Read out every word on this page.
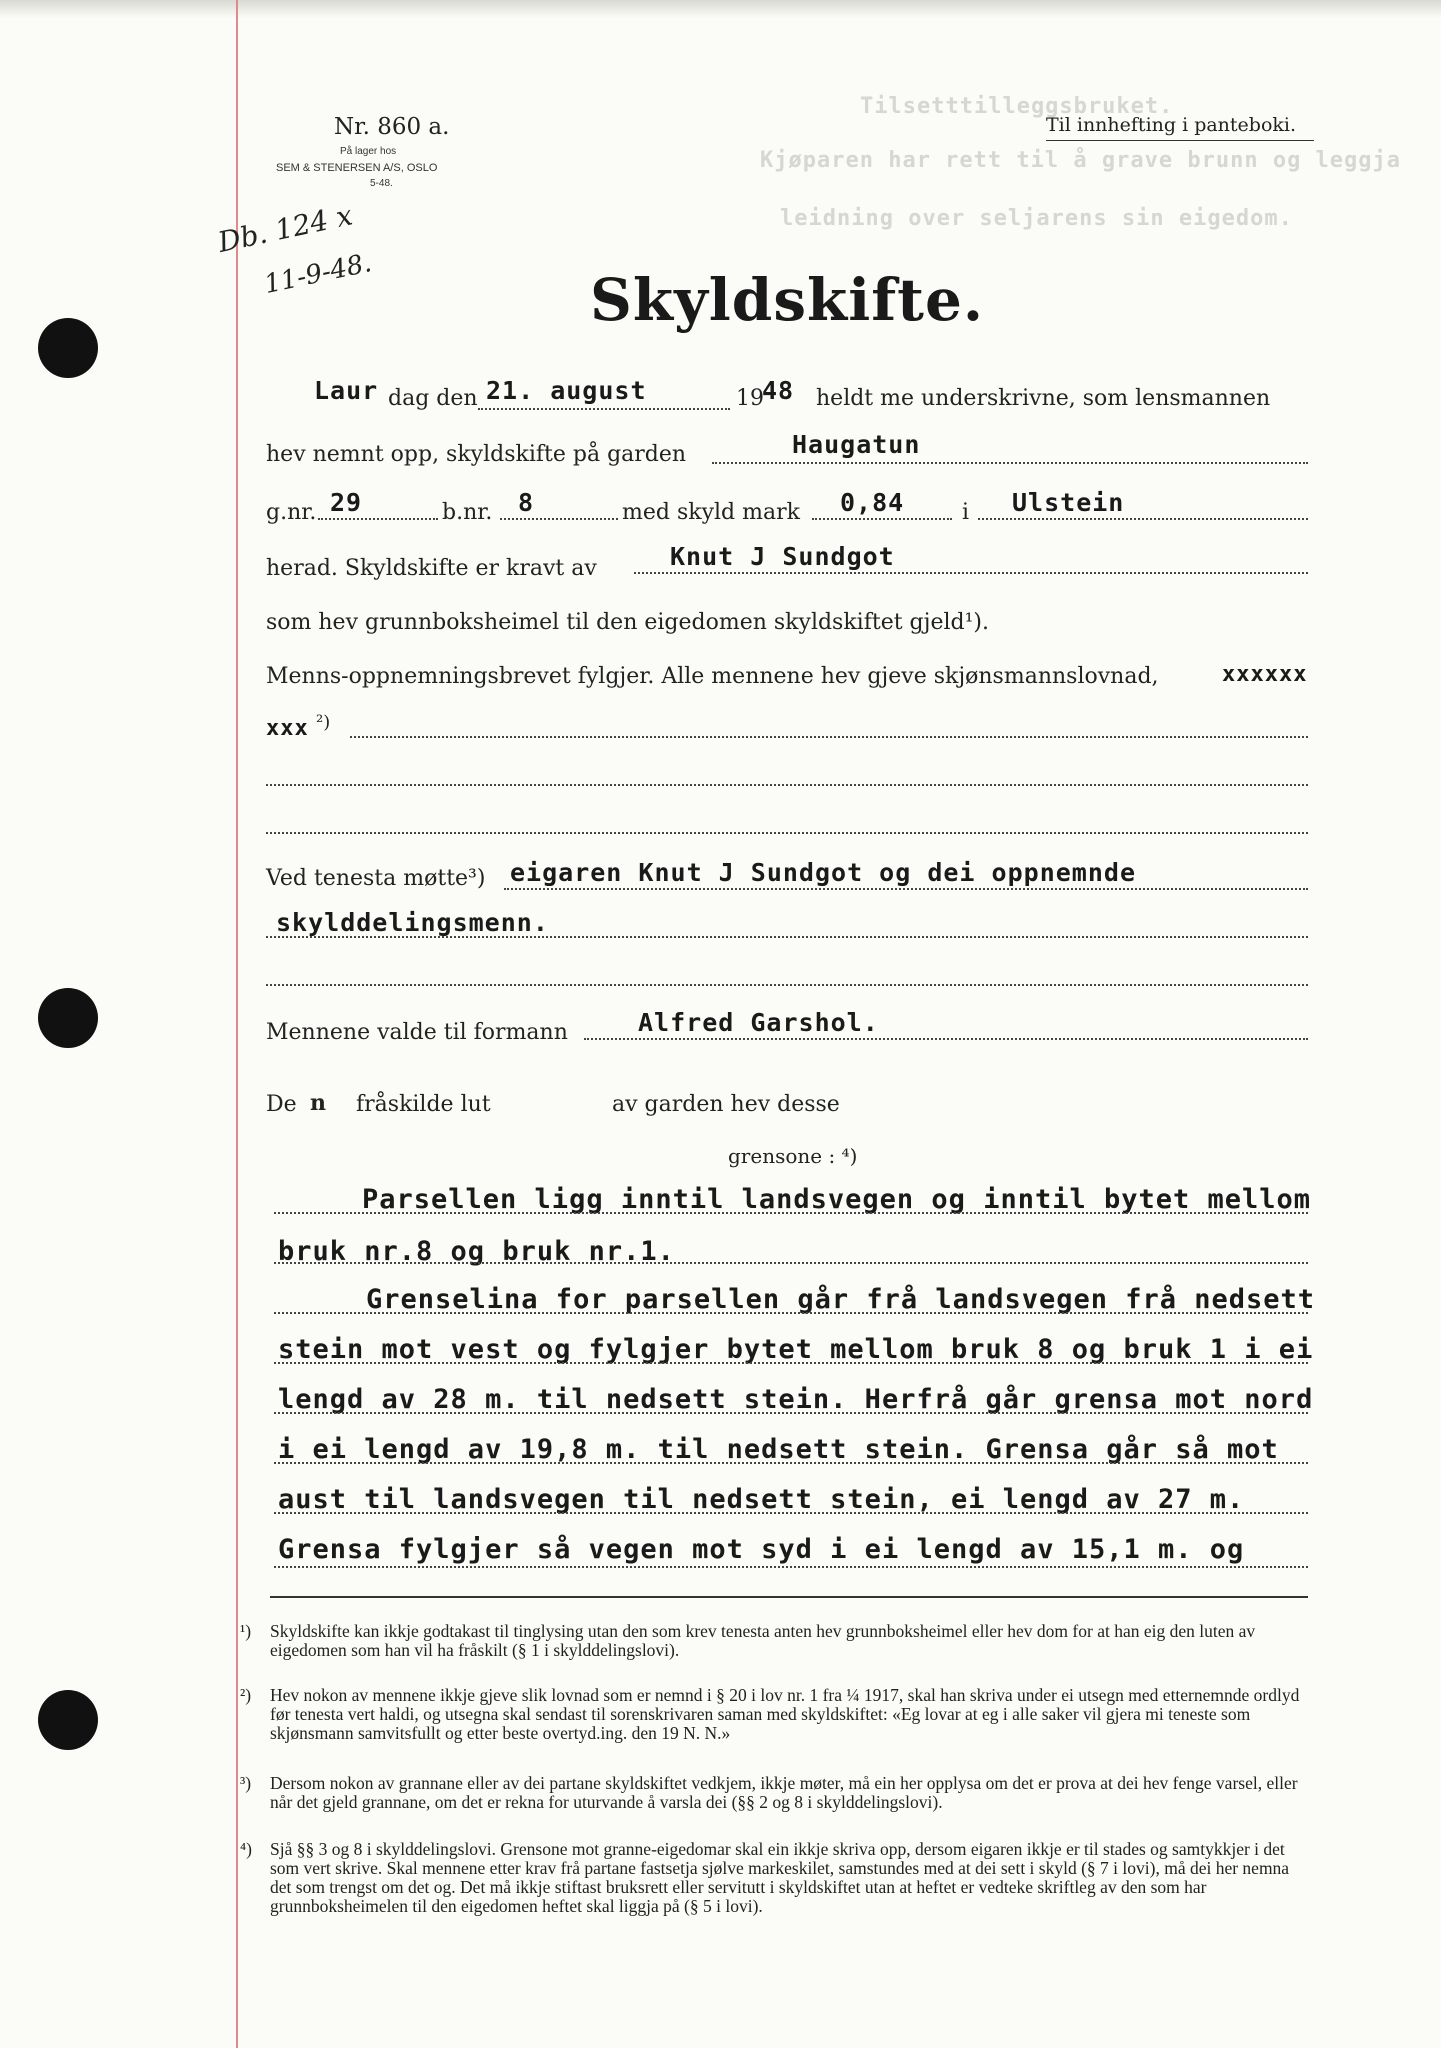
Tilsetttilleggsbruket.
Kjøparen har rett til å grave brunn og leggja
leidning over seljarens sin eigedom.
Nr. 860 a.
På lager hos
SEM & STENERSEN A/S, OSLO
5-48.
Til innhefting i panteboki.
Db. 124 x
11-9-48.	Skyldskifte.
Laur dag den 21. august	19
48 heldt me underskrivne, som lensmannen
hev nemnt opp, skyldskifte på garden	Haugatun
g.nr. 29	b.nr. 8	med skyld mark 0,84	i Ulstein
herad. Skyldskifte er kravt av	Knut J Sundgot
som hev grunnboksheimel til den eigedomen skyldskiftet gjeld¹).
Menns-oppnemningsbrevet fylgjer. Alle mennene hev gjeve skjønsmannslovnad,	xxxxxx
xxx ²)
Ved tenesta møtte³) eigaren Knut J Sundgot og dei oppnemnde
skylddelingsmenn.
Mennene valde til formann	Alfred Garshol.
De n fråskilde lut	av garden hev desse
grensone : ⁴)
Parsellen ligg inntil landsvegen og inntil bytet mellom
bruk nr.8 og bruk nr.1.
Grenselina for parsellen går frå landsvegen frå nedsett
stein mot vest og fylgjer bytet mellom bruk 8 og bruk 1 i ei
lengd av 28 m. til nedsett stein. Herfrå går grensa mot nord
i ei lengd av 19,8 m. til nedsett stein. Grensa går så mot
aust til landsvegen til nedsett stein, ei lengd av 27 m.
Grensa fylgjer så vegen mot syd i ei lengd av 15,1 m. og
¹) Skyldskifte kan ikkje godtakast til tinglysing utan den som krev tenesta anten hev grunnboksheimel eller hev dom for at han eig den luten av eigedomen som han vil ha fråskilt (§ 1 i skylddelingslovi).
²) Hev nokon av mennene ikkje gjeve slik lovnad som er nemnd i § 20 i lov nr. 1 fra ¼ 1917, skal han skriva under ei utsegn med etternemnde ordlyd før tenesta vert haldi, og utsegna skal sendast til sorenskrivaren saman med skyldskiftet: «Eg lovar at eg i alle saker vil gjera mi teneste som skjønsmann samvitsfullt og etter beste overtyd.ing. den 19 N. N.»
³) Dersom nokon av grannane eller av dei partane skyldskiftet vedkjem, ikkje møter, må ein her opplysa om det er prova at dei hev fenge varsel, eller når det gjeld grannane, om det er rekna for uturvande å varsla dei (§§ 2 og 8 i skylddelingslovi).
⁴) Sjå §§ 3 og 8 i skylddelingslovi. Grensone mot granne-eigedomar skal ein ikkje skriva opp, dersom eigaren ikkje er til stades og samtykkjer i det som vert skrive. Skal mennene etter krav frå partane fastsetja sjølve markeskilet, samstundes med at dei sett i skyld (§ 7 i lovi), må dei her nemna det som trengst om det og. Det må ikkje stiftast bruksrett eller servitutt i skyldskiftet utan at heftet er vedteke skriftleg av den som har grunnboksheimelen til den eigedomen heftet skal liggja på (§ 5 i lovi).
